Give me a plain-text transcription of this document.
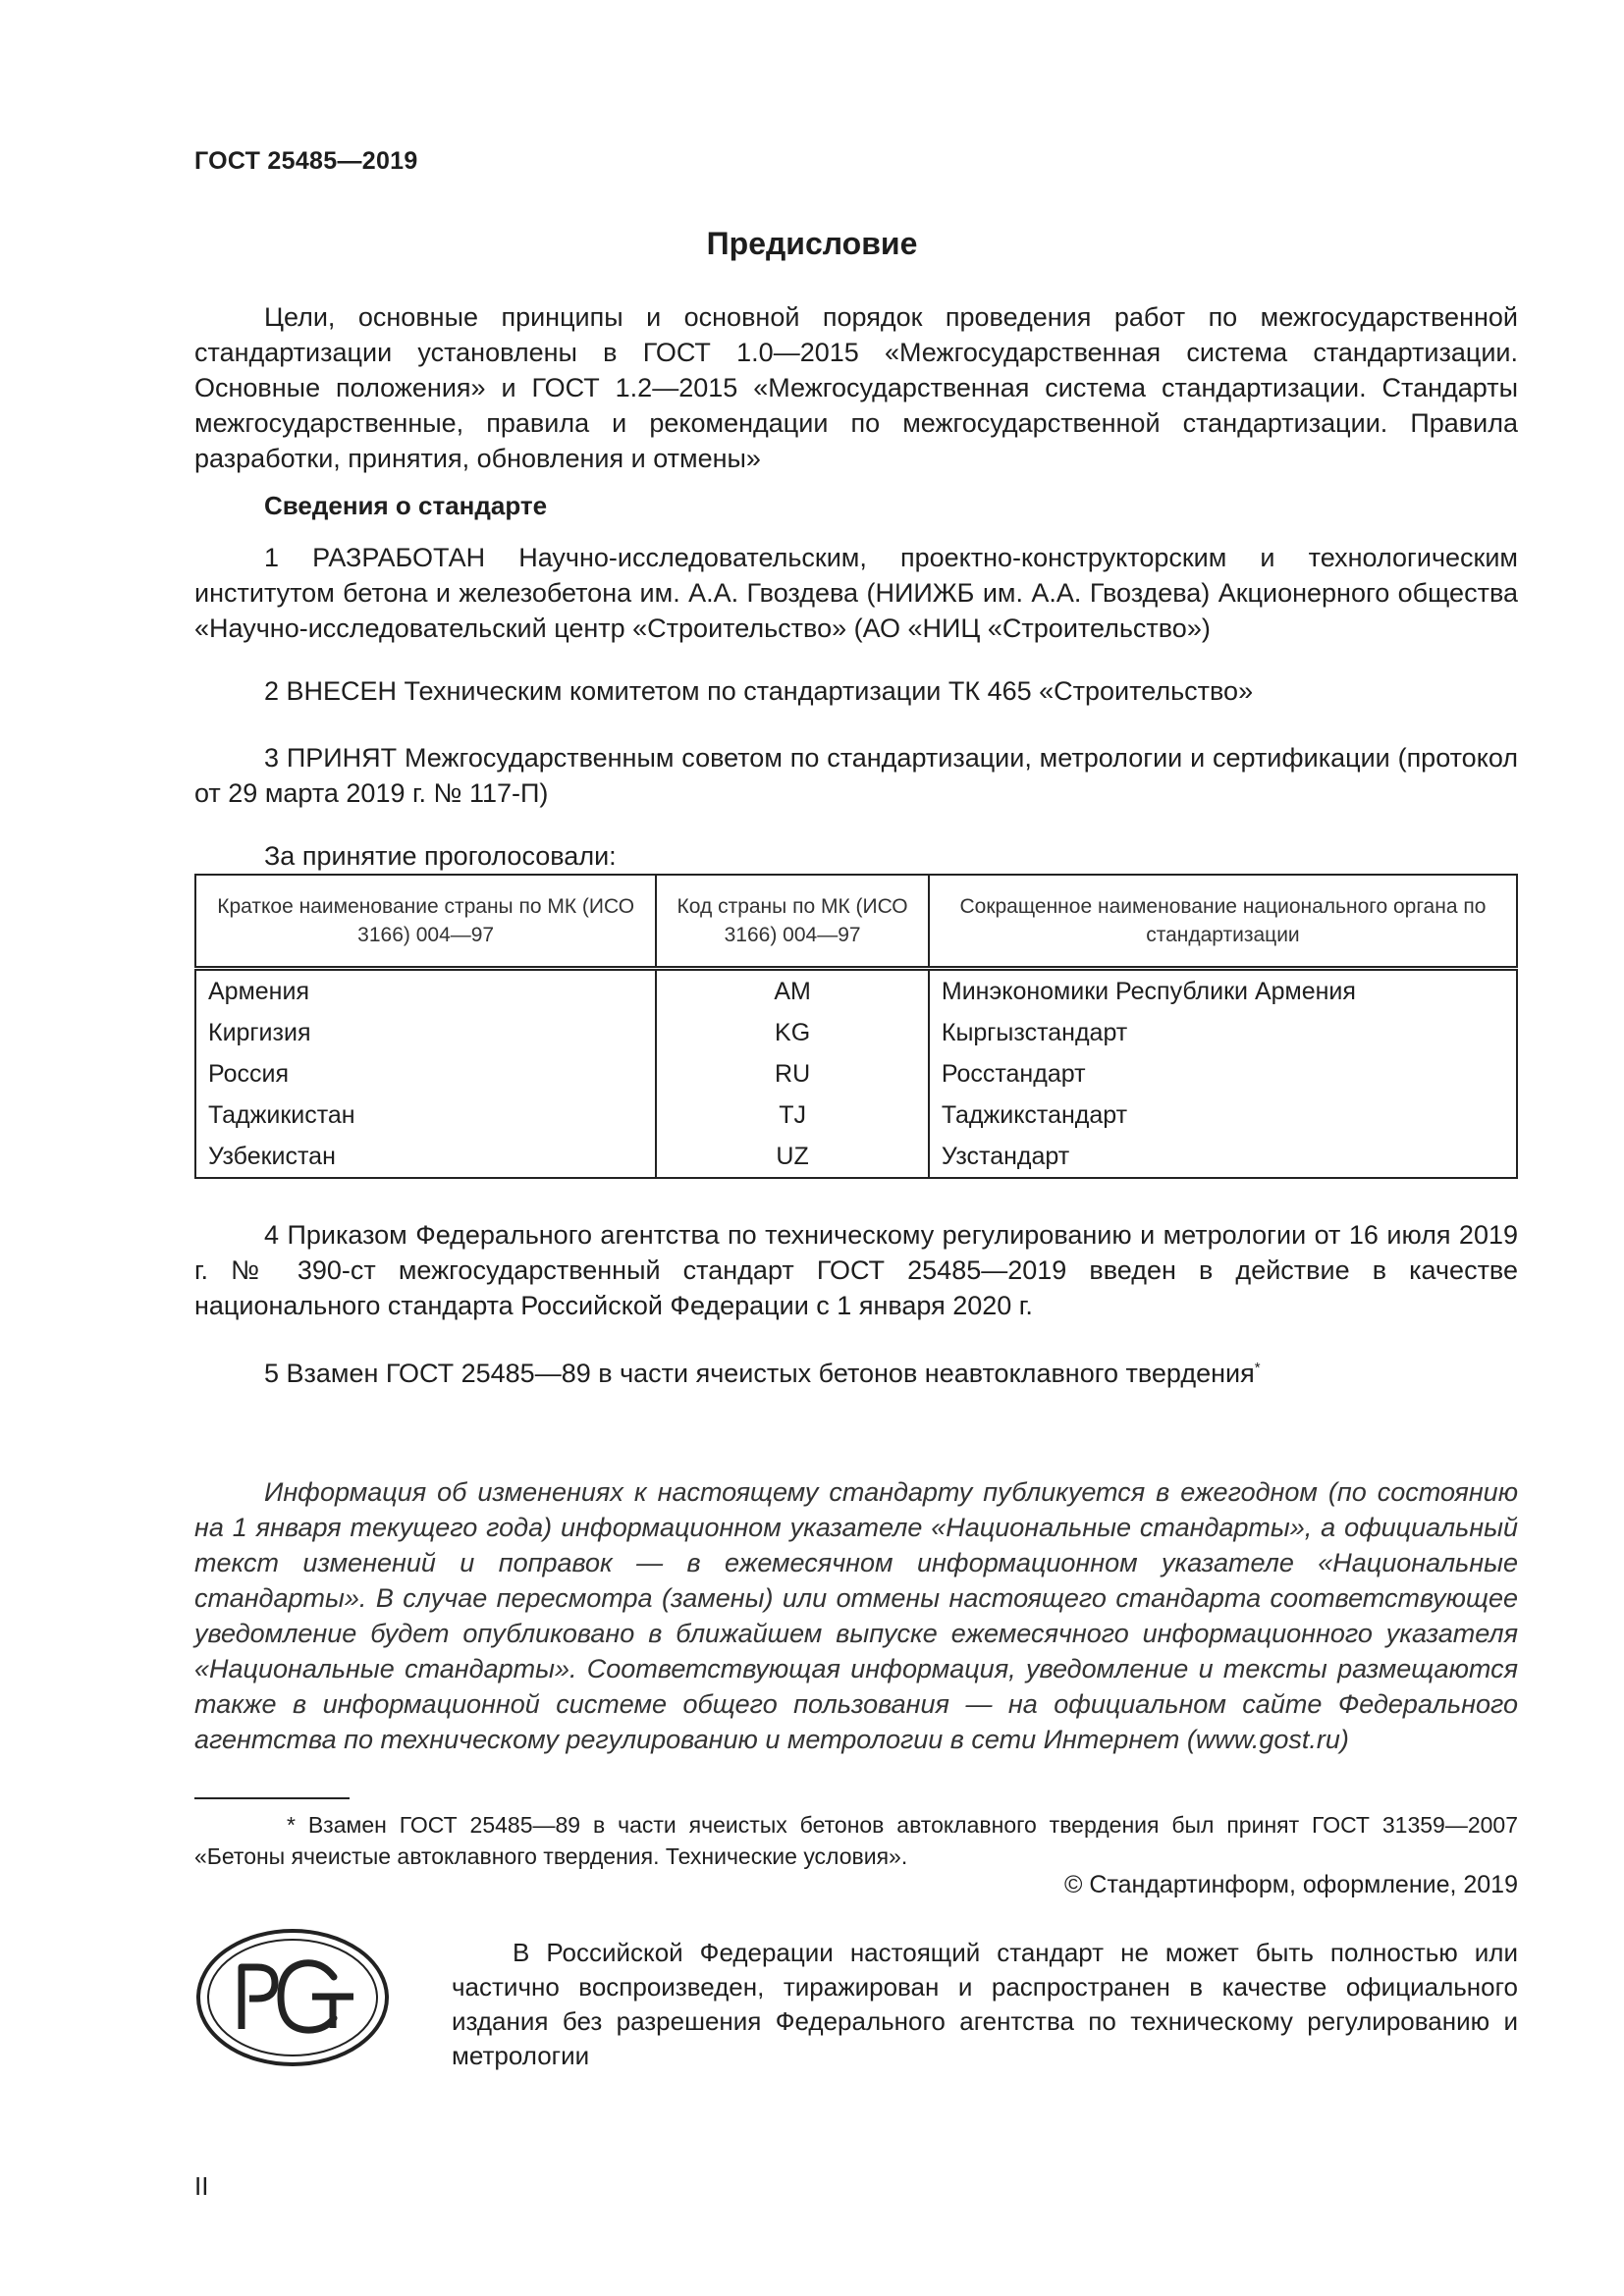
ГОСТ 25485—2019
Предисловие

Цели, основные принципы и основной порядок проведения работ по межгосударственной стандартизации установлены в ГОСТ 1.0—2015 «Межгосударственная система стандартизации. Основные положения» и ГОСТ 1.2—2015 «Межгосударственная система стандартизации. Стандарты межгосударственные, правила и рекомендации по межгосударственной стандартизации. Правила разработки, принятия, обновления и отмены»

Сведения о стандарте

1 РАЗРАБОТАН Научно-исследовательским, проектно-конструкторским и технологическим институтом бетона и железобетона им. А.А. Гвоздева (НИИЖБ им. А.А. Гвоздева) Акционерного общества «Научно-исследовательский центр «Строительство» (АО «НИЦ «Строительство»)

2 ВНЕСЕН Техническим комитетом по стандартизации ТК 465 «Строительство»

3 ПРИНЯТ Межгосударственным советом по стандартизации, метрологии и сертификации (протокол от 29 марта 2019 г. № 117-П)

За принятие проголосовали:
Краткое наименование страны по МК (ИСО 3166) 004—97	Код страны по МК (ИСО 3166) 004—97	Сокращенное наименование национального органа по стандартизации
Армения	AM	Минэкономики Республики Армения
Киргизия	KG	Кыргызстандарт
Россия	RU	Росстандарт
Таджикистан	TJ	Таджикстандарт
Узбекистан	UZ	Узстандарт

4 Приказом Федерального агентства по техническому регулированию и метрологии от 16 июля 2019 г. № 390-ст межгосударственный стандарт ГОСТ 25485—2019 введен в действие в качестве национального стандарта Российской Федерации с 1 января 2020 г.

5 Взамен ГОСТ 25485—89 в части ячеистых бетонов неавтоклавного твердения*

Информация об изменениях к настоящему стандарту публикуется в ежегодном (по состоянию на 1 января текущего года) информационном указателе «Национальные стандарты», а официальный текст изменений и поправок — в ежемесячном информационном указателе «Национальные стандарты». В случае пересмотра (замены) или отмены настоящего стандарта соответствующее уведомление будет опубликовано в ближайшем выпуске ежемесячного информационного указателя «Национальные стандарты». Соответствующая информация, уведомление и тексты размещаются также в информационной системе общего пользования — на официальном сайте Федерального агентства по техническому регулированию и метрологии в сети Интернет (www.gost.ru)

* Взамен ГОСТ 25485—89 в части ячеистых бетонов автоклавного твердения был принят ГОСТ 31359—2007 «Бетоны ячеистые автоклавного твердения. Технические условия».

© Стандартинформ, оформление, 2019

В Российской Федерации настоящий стандарт не может быть полностью или частично воспроизведен, тиражирован и распространен в качестве официального издания без разрешения Федерального агентства по техническому регулированию и метрологии

II
